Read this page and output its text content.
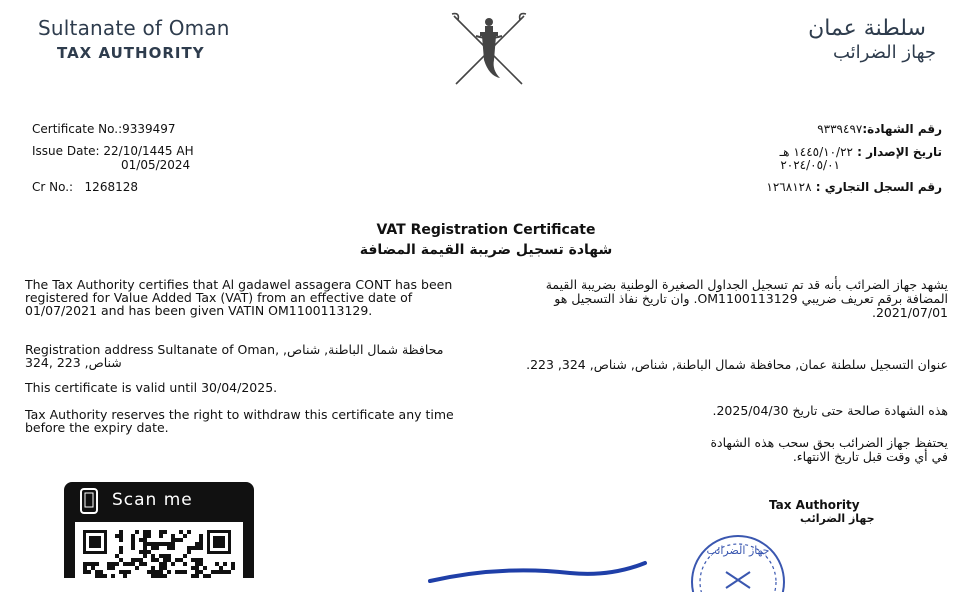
Sultanate of Oman
TAX AUTHORITY
سلطنة عمان
جهاز الضرائب
Certificate No.:9339497
Issue Date: 22/10/1445 AH
01/05/2024
Cr No.: 1268128
رقم الشهادة:٩٣٣٩٤٩٧
تاريخ الإصدار : ١٤٤٥/١٠/٢٢ هـ
٢٠٢٤/٠٥/٠١
رقم السجل التجاري : ١٢٦٨١٢٨
VAT Registration Certificate
شهادة تسجيل ضريبة القيمة المضافة
The Tax Authority certifies that Al gadawel assagera CONT has been registered for Value Added Tax (VAT) from an effective date of 01/07/2021 and has been given VATIN OM1100113129.
Registration address Sultanate of Oman, محافظة شمال الباطنة, شناص, شناص, 223 ,324
This certificate is valid until 30/04/2025.
Tax Authority reserves the right to withdraw this certificate any time before the expiry date.
يشهد جهاز الضرائب بأنه قد تم تسجيل الجداول الصغيرة الوطنية بضريبة القيمة المضافة برقم تعريف ضريبي OM1100113129. وان تاريخ نفاذ التسجيل هو 2021/07/01.
عنوان التسجيل سلطنة عمان, محافظة شمال الباطنة, شناص, شناص, 324, 223.
هذه الشهادة صالحة حتى تاريخ 2025/04/30.
يحتفظ جهاز الضرائب بحق سحب هذه الشهادة في أي وقت قبل تاريخ الانتهاء.
Scan me	Tax Authority
جهاز الضرائب
جهاز الضرائب
